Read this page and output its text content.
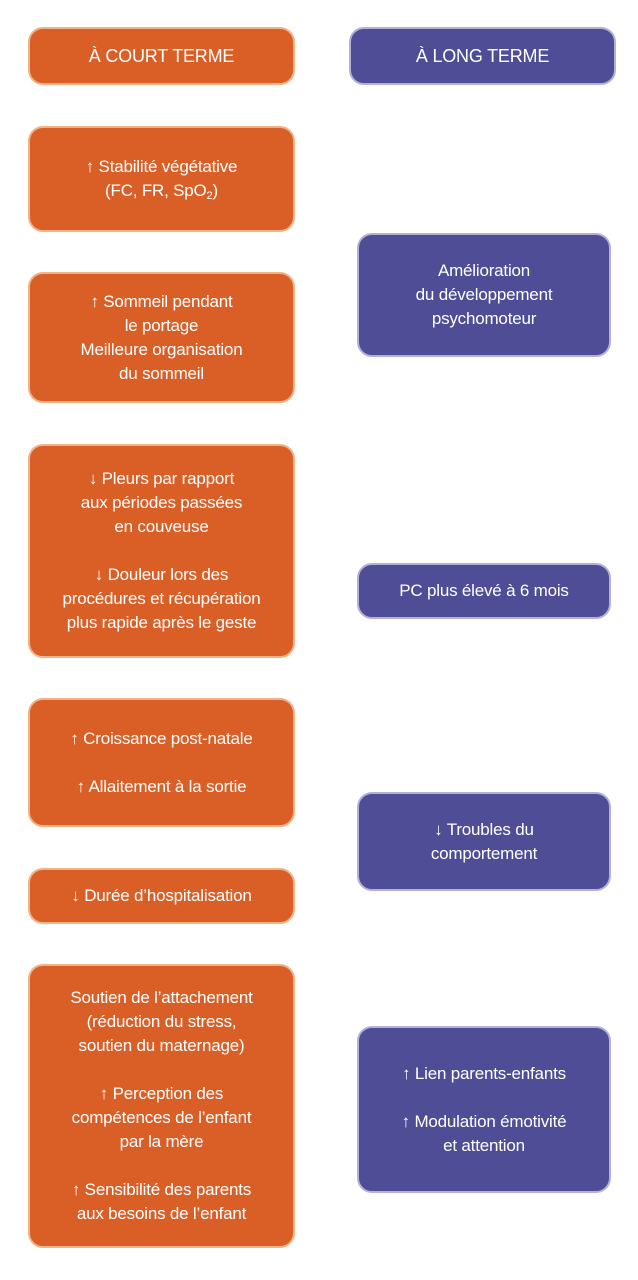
À COURT TERME	À LONG TERME
↑ Stabilité végétative
(FC, FR, SpO$_2$)
↑ Sommeil pendant
le portage
Meilleure organisation
du sommeil
↓ Pleurs par rapport
aux périodes passées
en couveuse
↓ Douleur lors des
procédures et récupération
plus rapide après le geste
↑ Croissance post-natale
↑ Allaitement à la sortie
↓ Durée d’hospitalisation
Soutien de l’attachement
(réduction du stress,
soutien du maternage)
↑ Perception des
compétences de l’enfant
par la mère
↑ Sensibilité des parents
aux besoins de l’enfant
Amélioration
du développement
psychomoteur
PC plus élevé à 6 mois
↓ Troubles du
comportement
↑ Lien parents-enfants
↑ Modulation émotivité
et attention
